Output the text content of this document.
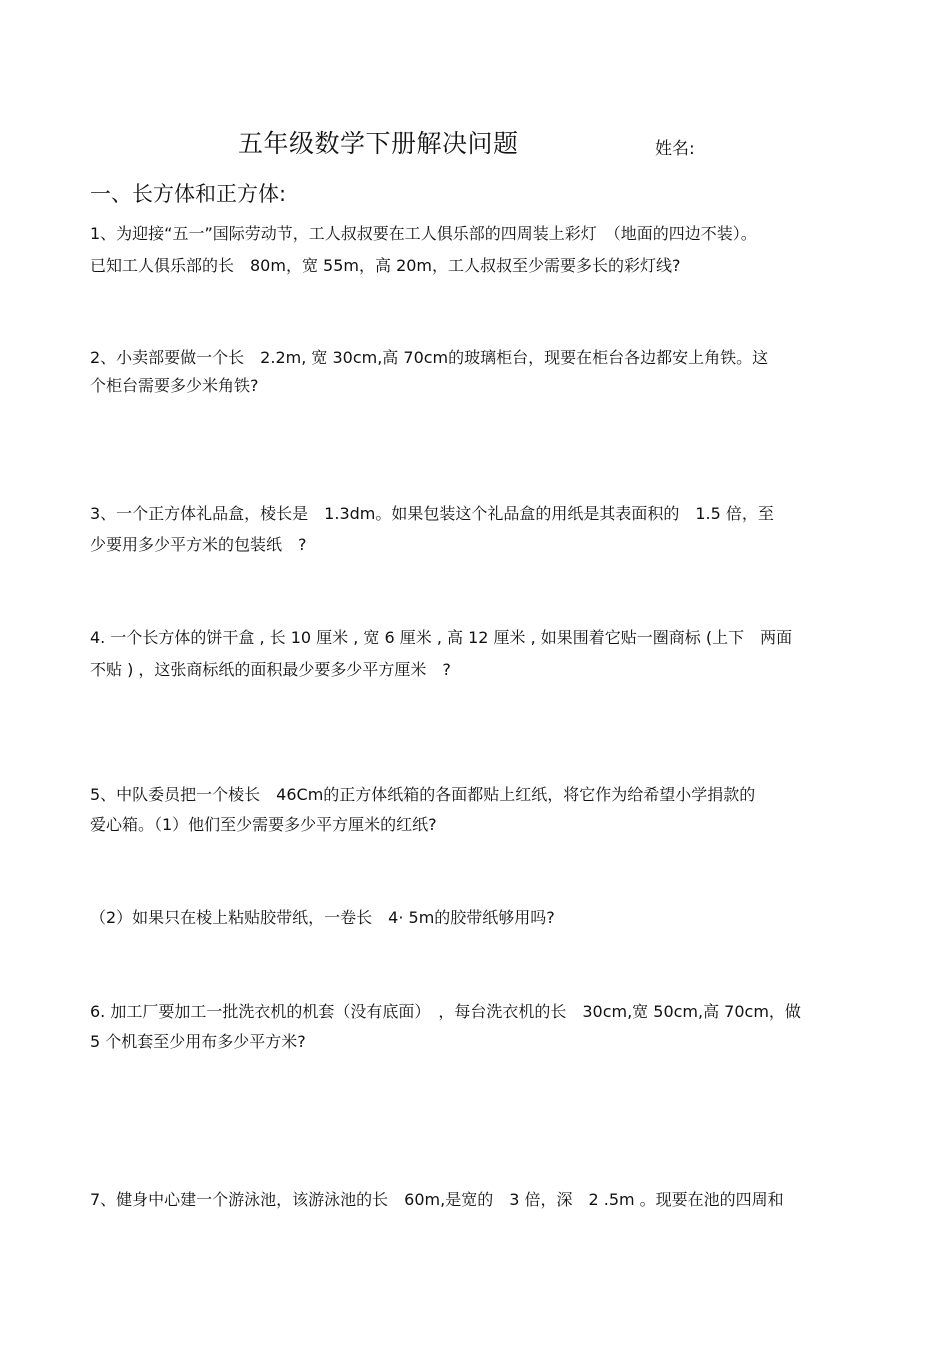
五年级数学下册解决问题	姓名:
一、长方体和正方体:
1、为迎接“五一”国际劳动节，工人叔叔要在工人俱乐部的四周装上彩灯　（地面的四边不装）。
已知工人俱乐部的长　80m，宽 55m，高 20m，工人叔叔至少需要多长的彩灯线?
2、小卖部要做一个长　2.2m, 宽 30cm,高 70cm的玻璃柜台，现要在柜台各边都安上角铁。这
个柜台需要多少米角铁?
3、一个正方体礼品盒，棱长是　1.3dm。如果包装这个礼品盒的用纸是其表面积的　1.5 倍，至
少要用多少平方米的包装纸　?
4. 一个长方体的饼干盒 , 长 10 厘米 , 宽 6 厘米 , 高 12 厘米 , 如果围着它贴一圈商标 (上下　两面
不贴 ) ，这张商标纸的面积最少要多少平方厘米　?
5、中队委员把一个棱长　46Cm的正方体纸箱的各面都贴上红纸，将它作为给希望小学捐款的
爱心箱。（1）他们至少需要多少平方厘米的红纸?
（2）如果只在棱上粘贴胶带纸，一卷长　4· 5m的胶带纸够用吗?
6. 加工厂要加工一批洗衣机的机套（没有底面）　，每台洗衣机的长　30cm,宽 50cm,高 70cm，做
5 个机套至少用布多少平方米?
7、健身中心建一个游泳池，该游泳池的长　60m,是宽的　3 倍，深　2 .5m 。现要在池的四周和
